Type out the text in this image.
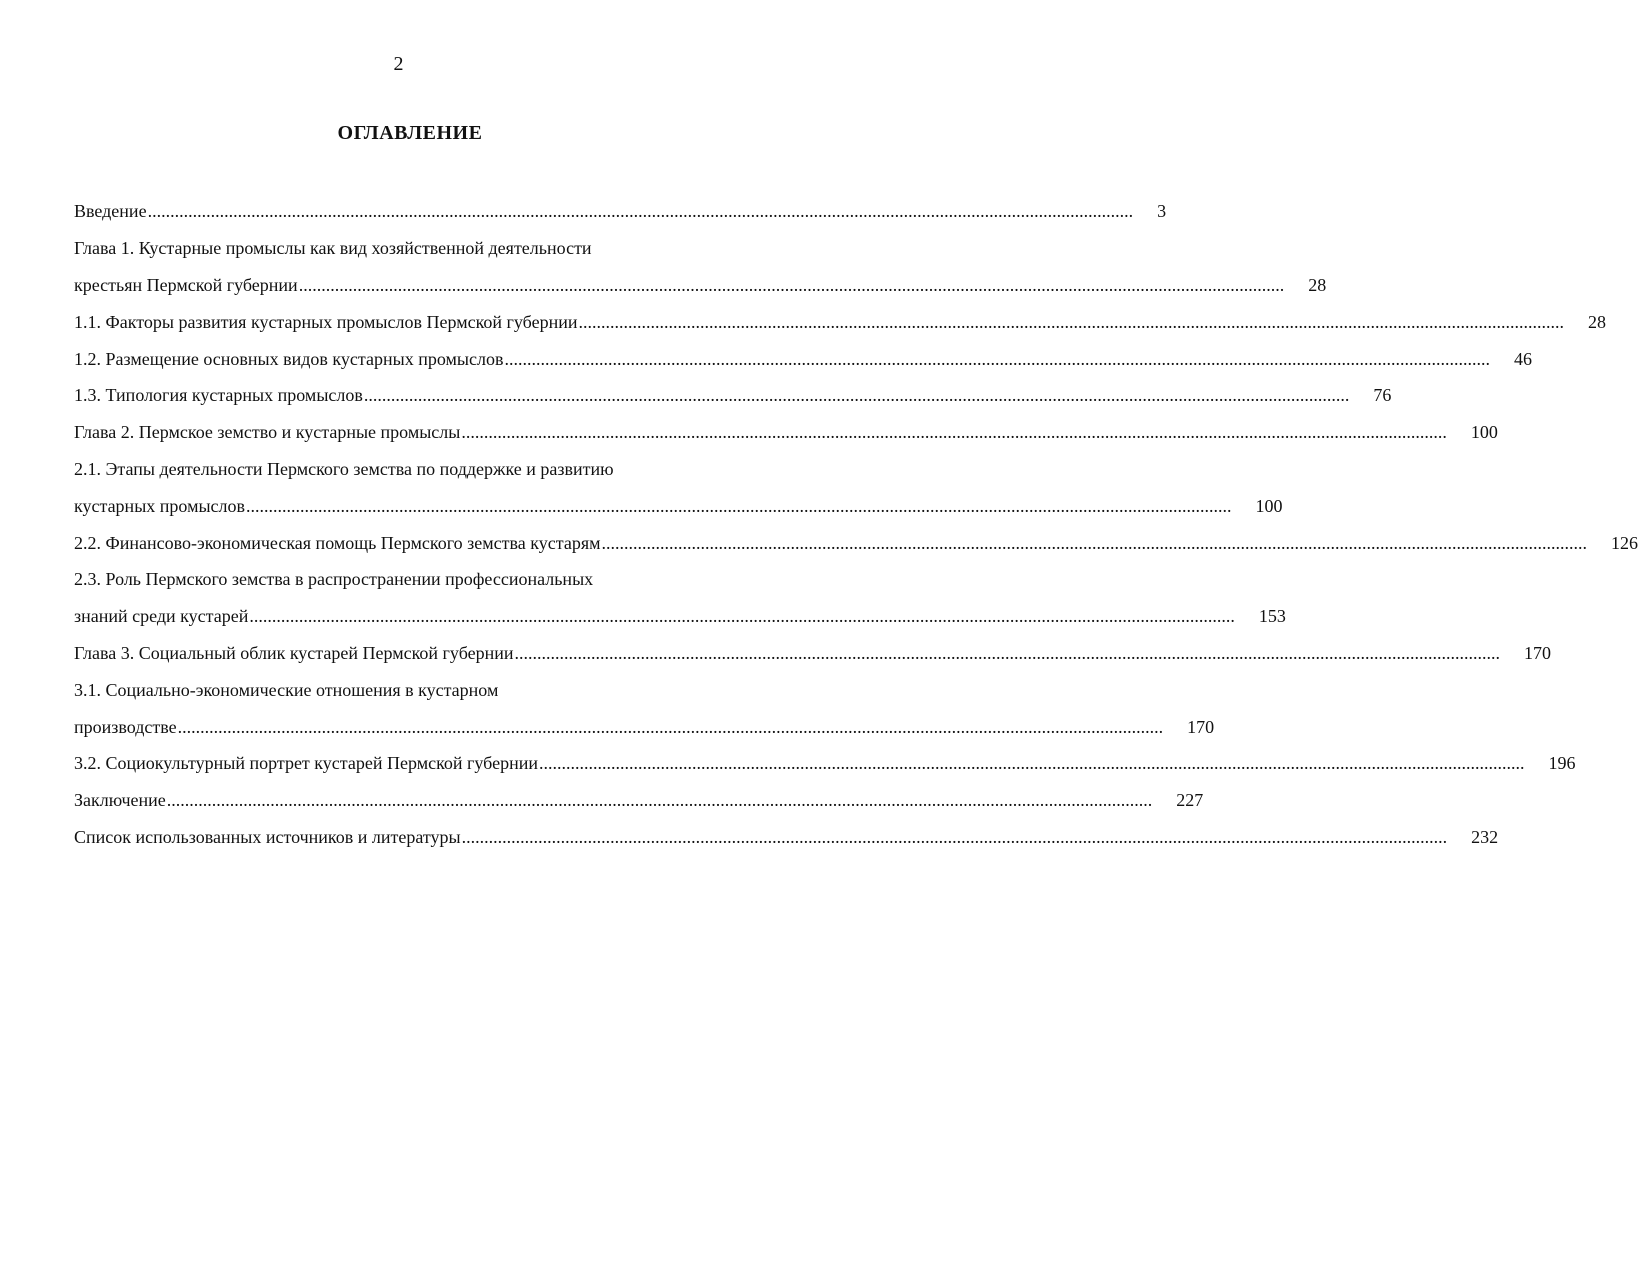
2
ОГЛАВЛЕНИЕ
Введение ...........................................................................................................................................................................................................................	3
Глава 1. Кустарные промыслы как вид хозяйственной деятельности
крестьян Пермской губернии ...........................................................................................................................................................................................................................	28
1.1. Факторы развития кустарных промыслов Пермской губернии ...........................................................................................................................................................................................................................	28
1.2. Размещение основных видов кустарных промыслов ...........................................................................................................................................................................................................................	46
1.3. Типология кустарных промыслов ...........................................................................................................................................................................................................................	76
Глава 2. Пермское земство и кустарные промыслы ...........................................................................................................................................................................................................................	100
2.1. Этапы деятельности Пермского земства по поддержке и развитию
кустарных промыслов ...........................................................................................................................................................................................................................	100
2.2. Финансово-экономическая помощь Пермского земства кустарям ...........................................................................................................................................................................................................................	126
2.3. Роль Пермского земства в распространении профессиональных
знаний среди кустарей ...........................................................................................................................................................................................................................	153
Глава 3. Социальный облик кустарей Пермской губернии ...........................................................................................................................................................................................................................	170
3.1. Социально-экономические отношения в кустарном
производстве ...........................................................................................................................................................................................................................	170
3.2. Социокультурный портрет кустарей Пермской губернии ...........................................................................................................................................................................................................................	196
Заключение ...........................................................................................................................................................................................................................	227
Список использованных источников и литературы ...........................................................................................................................................................................................................................	232
